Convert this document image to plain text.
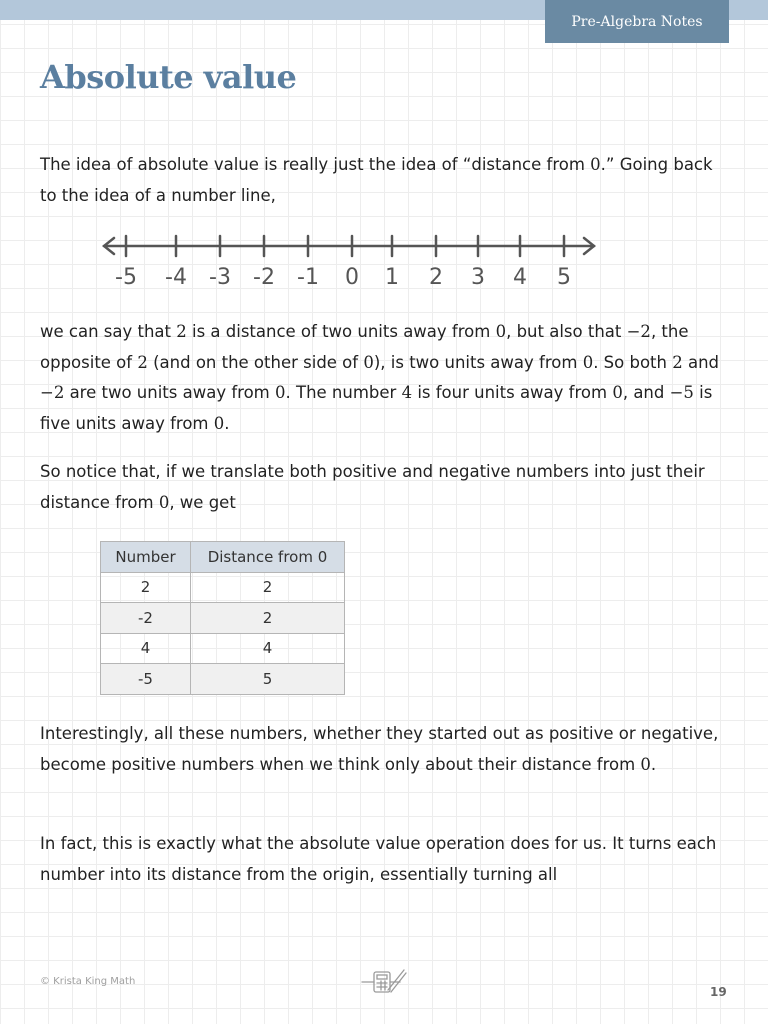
Pre-Algebra Notes
Absolute value

The idea of absolute value is really just the idea of “distance from 0.” Going back to the idea of a number line,

-5 -4 -3 -2 -1 0 1 2 3 4 5

we can say that 2 is a distance of two units away from 0, but also that −2, the opposite of 2 (and on the other side of 0), is two units away from 0. So both 2 and −2 are two units away from 0. The number 4 is four units away from 0, and −5 is five units away from 0.

So notice that, if we translate both positive and negative numbers into just their distance from 0, we get

Number	Distance from 0
2	2
-2	2
4	4
-5	5

Interestingly, all these numbers, whether they started out as positive or negative, become positive numbers when we think only about their distance from 0.

In fact, this is exactly what the absolute value operation does for us. It turns each number into its distance from the origin, essentially turning all

© Krista King Math
19
